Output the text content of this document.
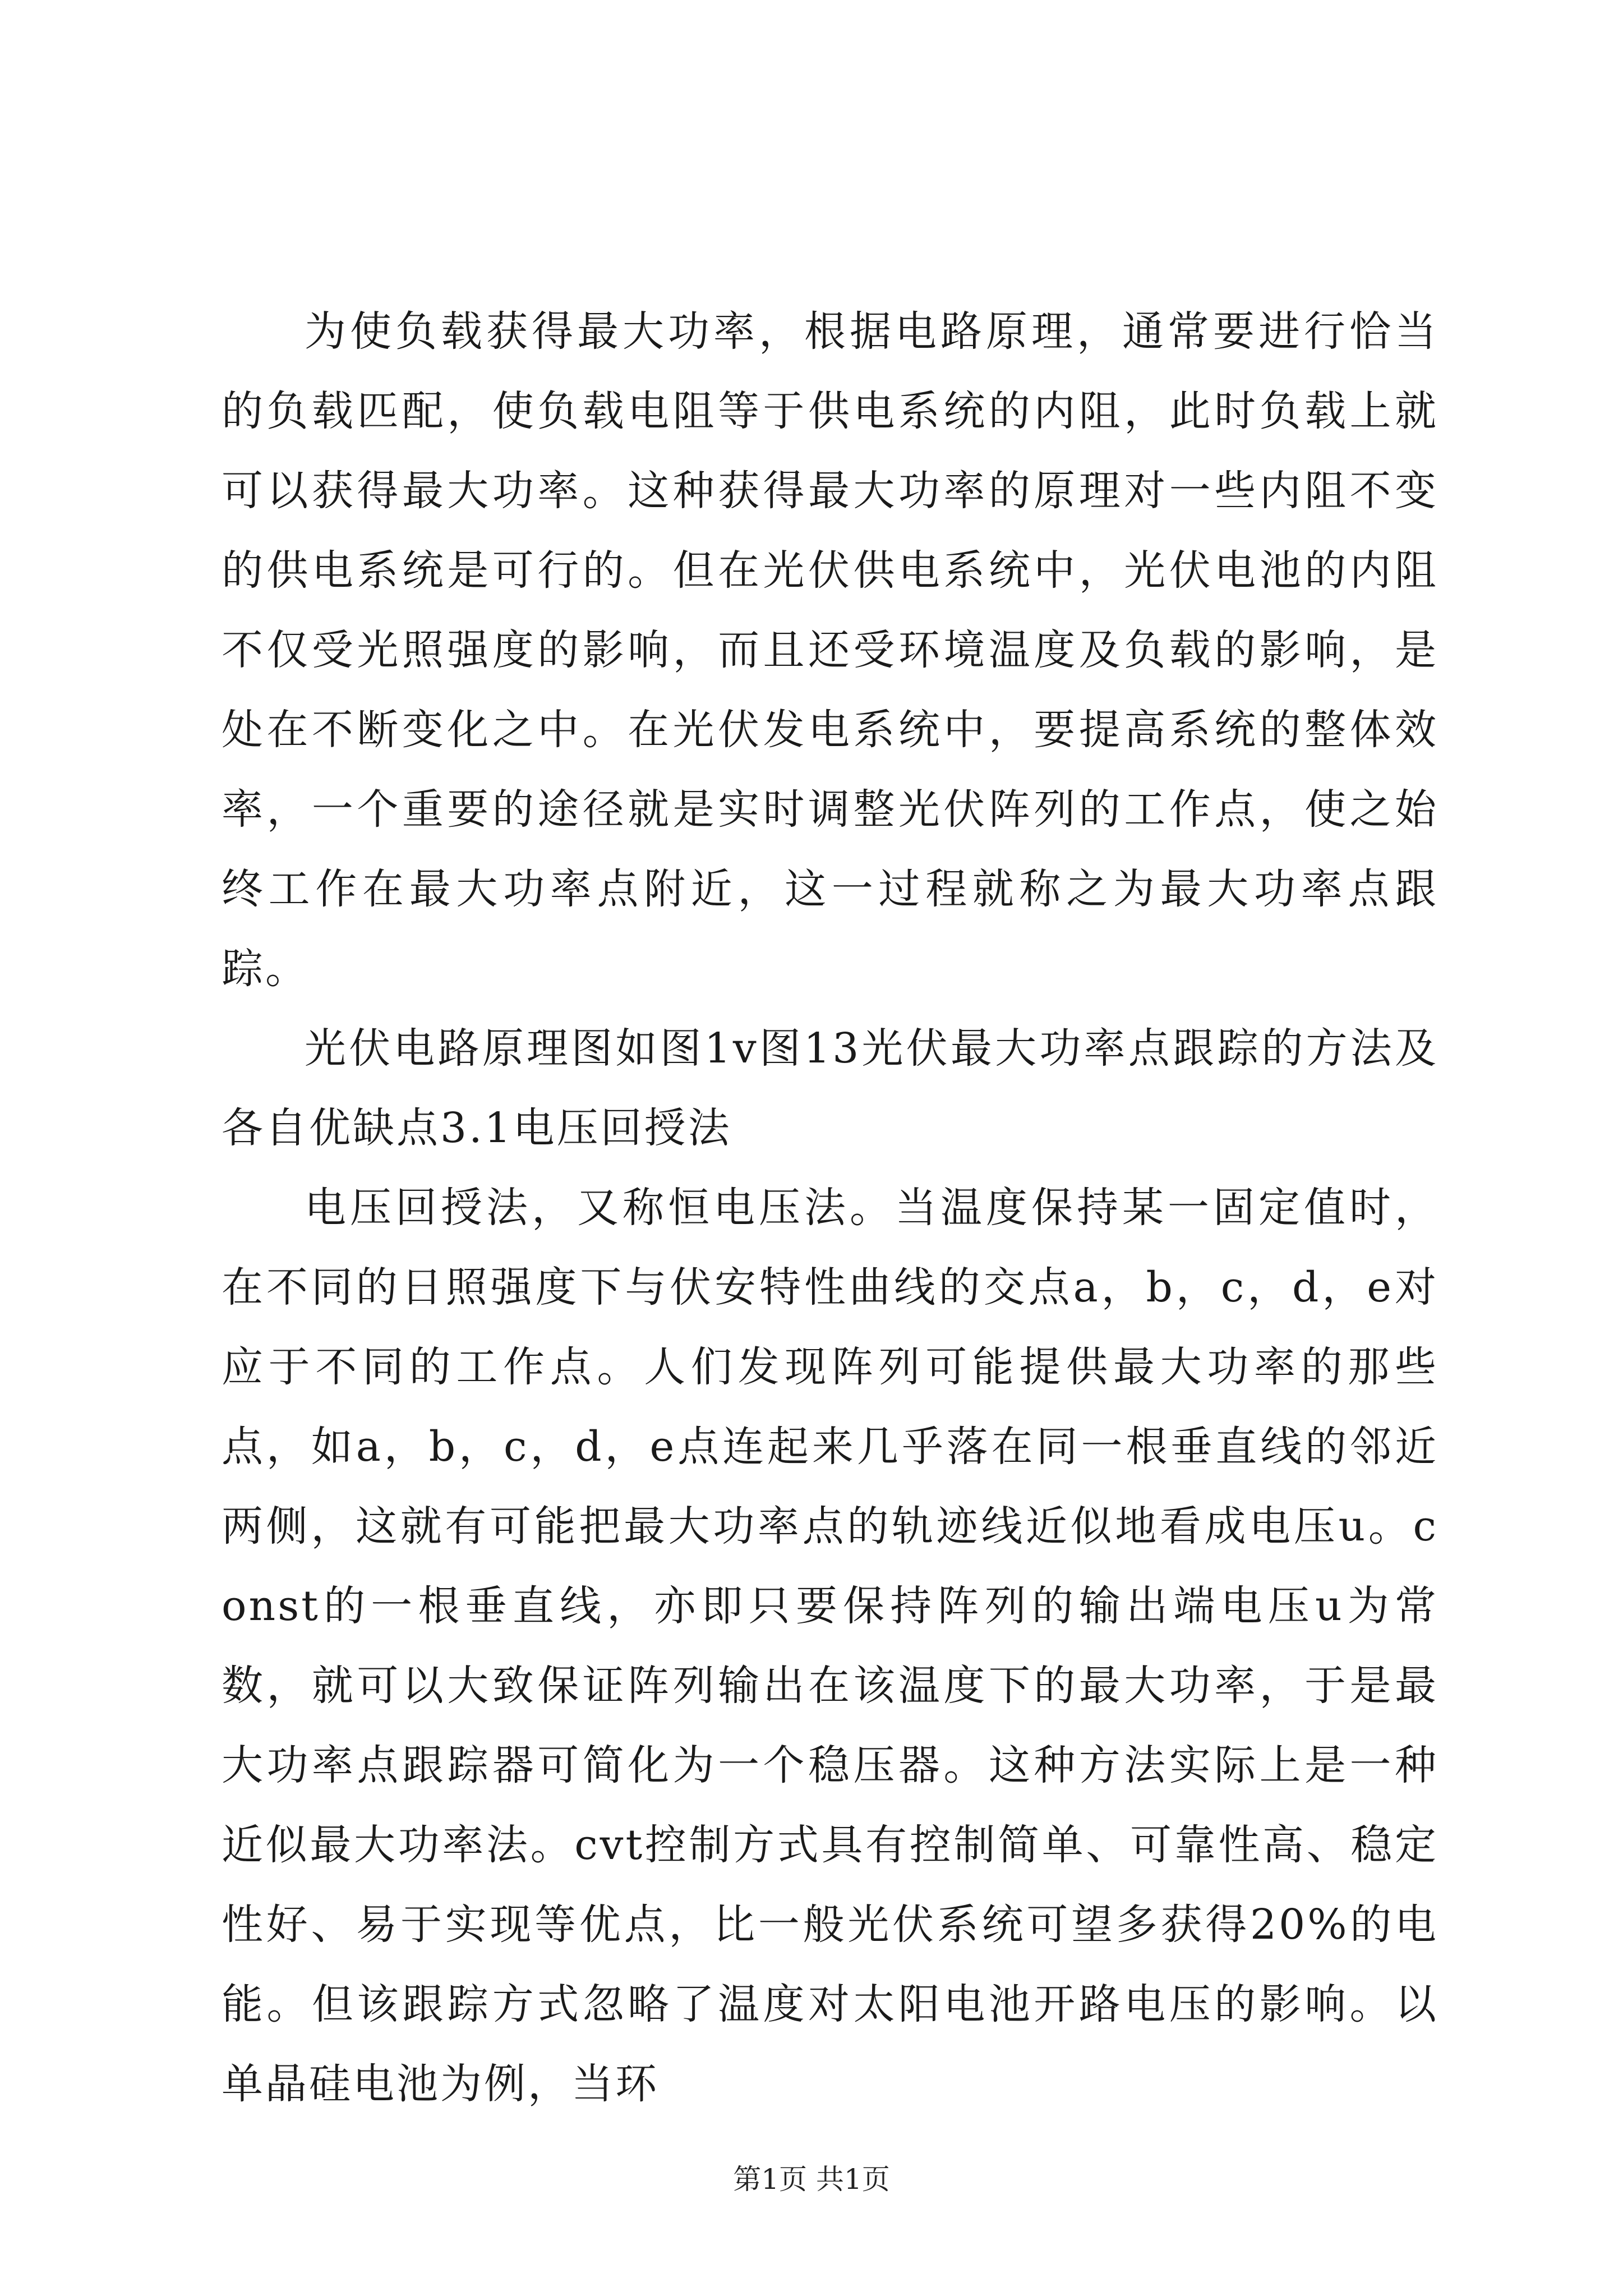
为使负载获得最大功率，根据电路原理，通常要进行恰当的负载匹配，使负载电阻等于供电系统的内阻，此时负载上就可以获得最大功率。这种获得最大功率的原理对一些内阻不变的供电系统是可行的。但在光伏供电系统中，光伏电池的内阻不仅受光照强度的影响，而且还受环境温度及负载的影响，是处在不断变化之中。在光伏发电系统中，要提高系统的整体效率，一个重要的途径就是实时调整光伏阵列的工作点，使之始终工作在最大功率点附近，这一过程就称之为最大功率点跟踪。

光伏电路原理图如图1v图13光伏最大功率点跟踪的方法及各自优缺点3.1电压回授法

电压回授法，又称恒电压法。当温度保持某一固定值时，在不同的日照强度下与伏安特性曲线的交点a，b，c，d，e对应于不同的工作点。人们发现阵列可能提供最大功率的那些点，如a，b，c，d，e点连起来几乎落在同一根垂直线的邻近两侧，这就有可能把最大功率点的轨迹线近似地看成电压u。const的一根垂直线，亦即只要保持阵列的输出端电压u为常数，就可以大致保证阵列输出在该温度下的最大功率，于是最大功率点跟踪器可简化为一个稳压器。这种方法实际上是一种近似最大功率法。cvt控制方式具有控制简单、可靠性高、稳定性好、易于实现等优点，比一般光伏系统可望多获得20%的电能。但该跟踪方式忽略了温度对太阳电池开路电压的影响。以单晶硅电池为例，当环

第1页 共1页
